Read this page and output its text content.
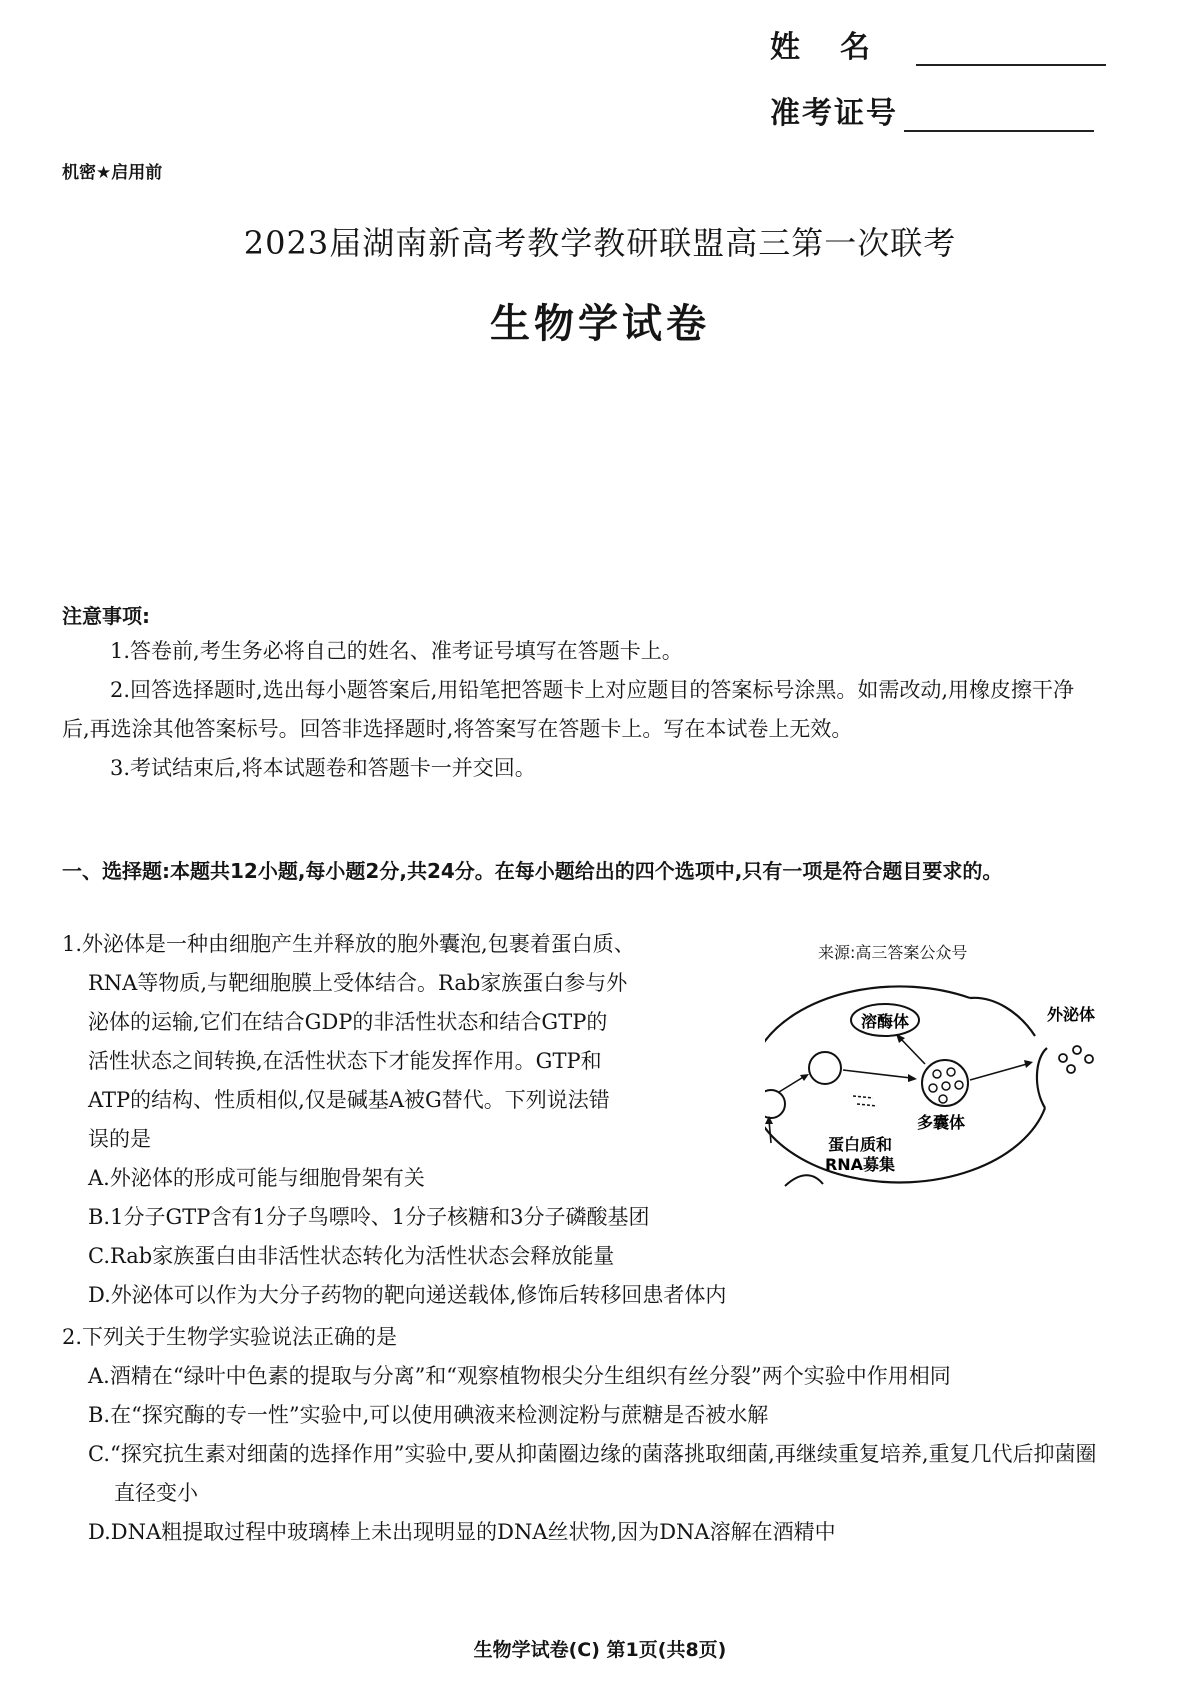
姓名
准考证号
机密★启用前
2023届湖南新高考教学教研联盟高三第一次联考
生物学试卷
注意事项:

1.答卷前,考生务必将自己的姓名、准考证号填写在答题卡上。

2.回答选择题时,选出每小题答案后,用铅笔把答题卡上对应题目的答案标号涂黑。如需改动,用橡皮擦干净后,再选涂其他答案标号。回答非选择题时,将答案写在答题卡上。写在本试卷上无效。

3.考试结束后,将本试题卷和答题卡一并交回。

一、选择题:本题共12小题,每小题2分,共24分。在每小题给出的四个选项中,只有一项是符合题目要求的。
1.外泌体是一种由细胞产生并释放的胞外囊泡,包裹着蛋白质、
RNA等物质,与靶细胞膜上受体结合。Rab家族蛋白参与外
泌体的运输,它们在结合GDP的非活性状态和结合GTP的
活性状态之间转换,在活性状态下才能发挥作用。GTP和
ATP的结构、性质相似,仅是碱基A被G替代。下列说法错
误的是
来源:高三答案公众号
溶酶体	外泌体
多囊体
蛋白质和
RNA募集
A.外泌体的形成可能与细胞骨架有关
B.1分子GTP含有1分子鸟嘌呤、1分子核糖和3分子磷酸基团
C.Rab家族蛋白由非活性状态转化为活性状态会释放能量
D.外泌体可以作为大分子药物的靶向递送载体,修饰后转移回患者体内
2.下列关于生物学实验说法正确的是
A.酒精在“绿叶中色素的提取与分离”和“观察植物根尖分生组织有丝分裂”两个实验中作用相同
B.在“探究酶的专一性”实验中,可以使用碘液来检测淀粉与蔗糖是否被水解
C.“探究抗生素对细菌的选择作用”实验中,要从抑菌圈边缘的菌落挑取细菌,再继续重复培养,重复几代后抑菌圈直径变小
D.DNA粗提取过程中玻璃棒上未出现明显的DNA丝状物,因为DNA溶解在酒精中
生物学试卷(C) 第1页(共8页)
